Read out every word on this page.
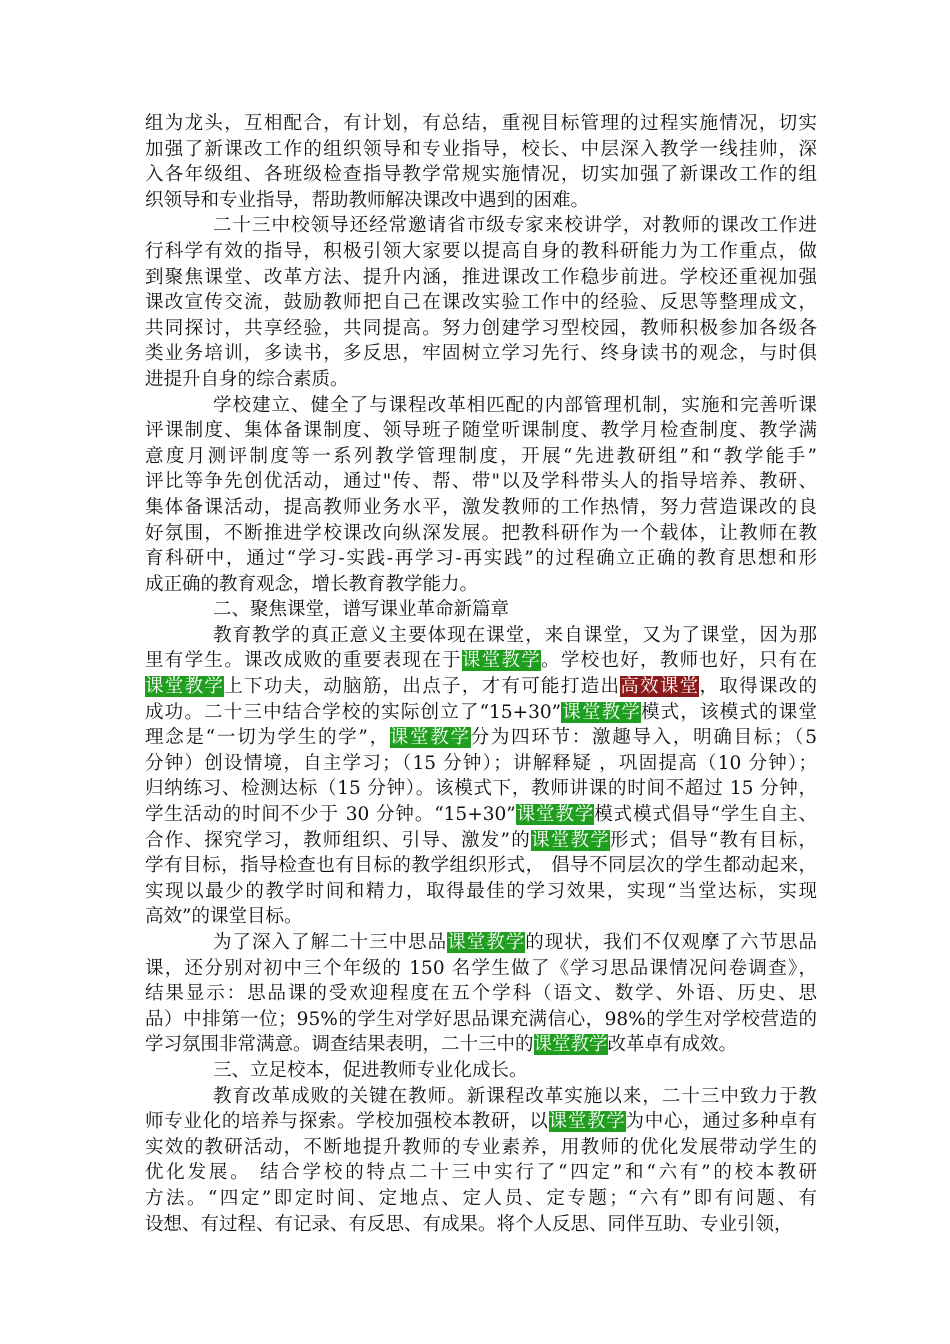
组为龙头，互相配合，有计划，有总结，重视目标管理的过程实施情况，切实
加强了新课改工作的组织领导和专业指导，校长、中层深入教学一线挂帅，深
入各年级组、各班级检查指导教学常规实施情况，切实加强了新课改工作的组
织领导和专业指导，帮助教师解决课改中遇到的困难。
二十三中校领导还经常邀请省市级专家来校讲学，对教师的课改工作进
行科学有效的指导，积极引领大家要以提高自身的教科研能力为工作重点，做
到聚焦课堂、改革方法、提升内涵，推进课改工作稳步前进。学校还重视加强
课改宣传交流，鼓励教师把自己在课改实验工作中的经验、反思等整理成文，
共同探讨，共享经验，共同提高。努力创建学习型校园，教师积极参加各级各
类业务培训，多读书，多反思，牢固树立学习先行、终身读书的观念，与时俱
进提升自身的综合素质。
学校建立、健全了与课程改革相匹配的内部管理机制，实施和完善听课
评课制度、集体备课制度、领导班子随堂听课制度、教学月检查制度、教学满
意度月测评制度等一系列教学管理制度，开展“先进教研组”和“教学能手”
评比等争先创优活动，通过"传、帮、带"以及学科带头人的指导培养、教研、
集体备课活动，提高教师业务水平，激发教师的工作热情，努力营造课改的良
好氛围，不断推进学校课改向纵深发展。把教科研作为一个载体，让教师在教
育科研中，通过“学习-实践-再学习-再实践”的过程确立正确的教育思想和形
成正确的教育观念，增长教育教学能力。
二、聚焦课堂，谱写课业革命新篇章
教育教学的真正意义主要体现在课堂，来自课堂，又为了课堂，因为那
里有学生。课改成败的重要表现在于课堂教学。学校也好，教师也好，只有在
课堂教学上下功夫，动脑筋，出点子，才有可能打造出高效课堂，取得课改的
成功。二十三中结合学校的实际创立了“15+30”课堂教学模式，该模式的课堂
理念是“一切为学生的学”，课堂教学分为四环节：激趣导入，明确目标；（5
分钟）创设情境，自主学习；（15 分钟）；讲解释疑 ，巩固提高（10 分钟）；
归纳练习、检测达标（15 分钟）。该模式下，教师讲课的时间不超过 15 分钟，
学生活动的时间不少于 30 分钟。“15+30”课堂教学模式模式倡导“学生自主、
合作、探究学习，教师组织、引导、激发”的课堂教学形式；倡导“教有目标，
学有目标，指导检查也有目标的教学组织形式， 倡导不同层次的学生都动起来，
实现以最少的教学时间和精力，取得最佳的学习效果，实现“当堂达标，实现
高效”的课堂目标。
为了深入了解二十三中思品课堂教学的现状，我们不仅观摩了六节思品
课，还分别对初中三个年级的 150 名学生做了《学习思品课情况问卷调查》，
结果显示：思品课的受欢迎程度在五个学科（语文、数学、外语、历史、思
品）中排第一位；95%的学生对学好思品课充满信心，98%的学生对学校营造的
学习氛围非常满意。调查结果表明，二十三中的课堂教学改革卓有成效。
三、立足校本，促进教师专业化成长。
教育改革成败的关键在教师。新课程改革实施以来，二十三中致力于教
师专业化的培养与探索。学校加强校本教研，以课堂教学为中心，通过多种卓有
实效的教研活动，不断地提升教师的专业素养，用教师的优化发展带动学生的
优化发展。 结合学校的特点二十三中实行了“四定”和“六有”的校本教研
方法。“四定”即定时间、定地点、定人员、定专题；“六有”即有问题、有
设想、有过程、有记录、有反思、有成果。将个人反思、同伴互助、专业引领，
